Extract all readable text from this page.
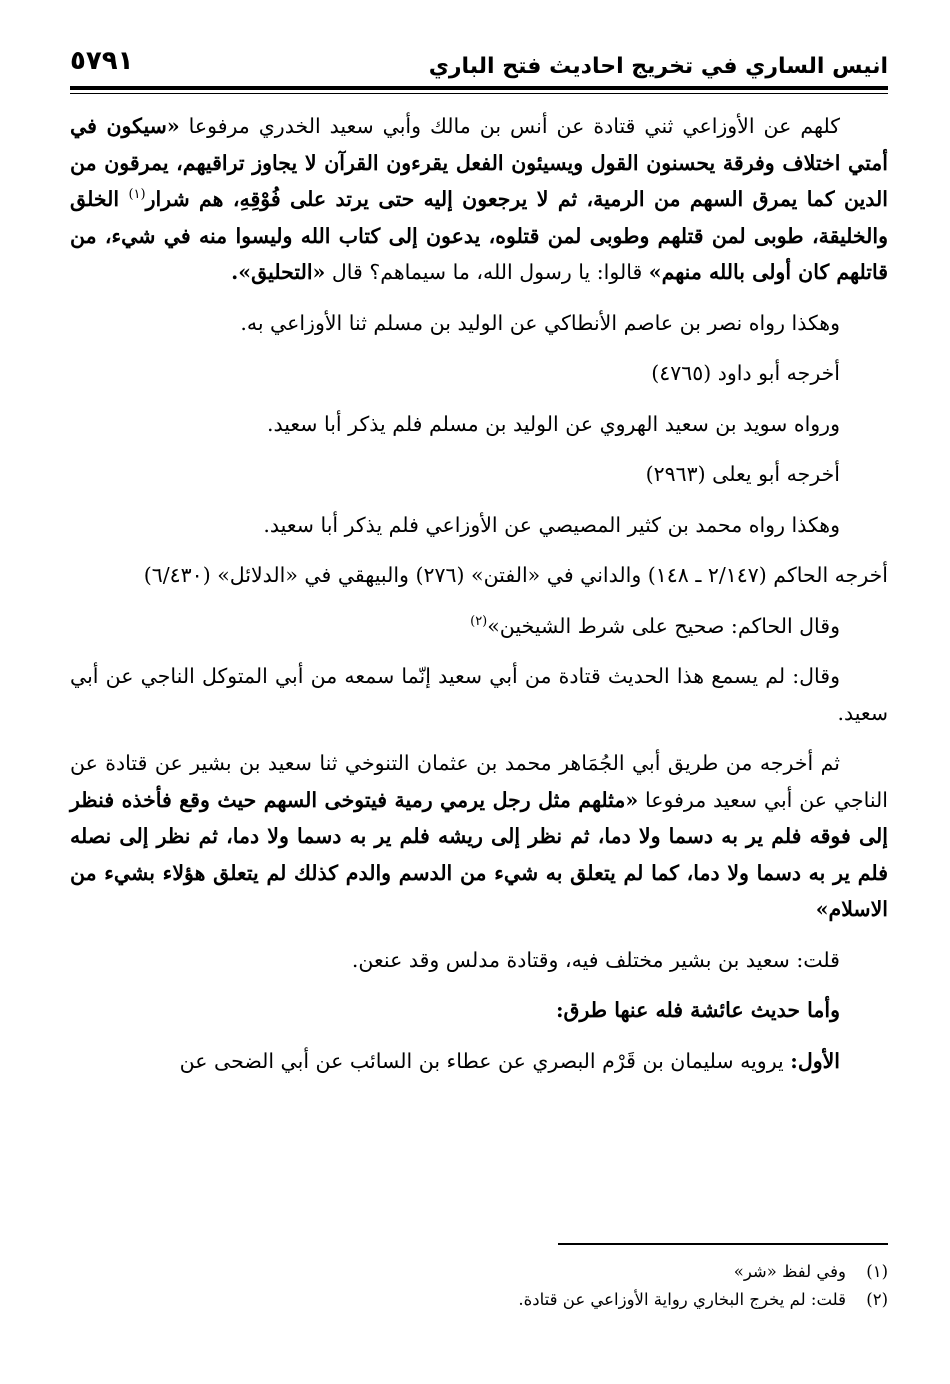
انيس الساري في تخريج احاديث فتح الباري
٥٧٩١

كلهم عن الأوزاعي ثني قتادة عن أنس بن مالك وأبي سعيد الخدري مرفوعا «سيكون في أمتي اختلاف وفرقة يحسنون القول ويسيئون الفعل يقرءون القرآن لا يجاوز تراقيهم، يمرقون من الدين كما يمرق السهم من الرمية، ثم لا يرجعون إليه حتى يرتد على فُوْقِهِ، هم شرار$^{(١)}$ الخلق والخليقة، طوبى لمن قتلهم وطوبى لمن قتلوه، يدعون إلى كتاب الله وليسوا منه في شيء، من قاتلهم كان أولى بالله منهم» قالوا: يا رسول الله، ما سيماهم؟ قال «التحليق».

وهكذا رواه نصر بن عاصم الأنطاكي عن الوليد بن مسلم ثنا الأوزاعي به.

أخرجه أبو داود (٤٧٦٥)

ورواه سويد بن سعيد الهروي عن الوليد بن مسلم فلم يذكر أبا سعيد.

أخرجه أبو يعلى (٢٩٦٣)

وهكذا رواه محمد بن كثير المصيصي عن الأوزاعي فلم يذكر أبا سعيد.

أخرجه الحاكم (٢/١٤٧ ـ ١٤٨) والداني في «الفتن» (٢٧٦) والبيهقي في «الدلائل» (٦/٤٣٠)

وقال الحاكم: صحيح على شرط الشيخين»$^{(٢)}$

وقال: لم يسمع هذا الحديث قتادة من أبي سعيد إنّما سمعه من أبي المتوكل الناجي عن أبي سعيد.

ثم أخرجه من طريق أبي الجُمَاهر محمد بن عثمان التنوخي ثنا سعيد بن بشير عن قتادة عن الناجي عن أبي سعيد مرفوعا «مثلهم مثل رجل يرمي رمية فيتوخى السهم حيث وقع فأخذه فنظر إلى فوقه فلم ير به دسما ولا دما، ثم نظر إلى ريشه فلم ير به دسما ولا دما، ثم نظر إلى نصله فلم ير به دسما ولا دما، كما لم يتعلق به شيء من الدسم والدم كذلك لم يتعلق هؤلاء بشيء من الاسلام»

قلت: سعيد بن بشير مختلف فيه، وقتادة مدلس وقد عنعن.

وأما حديث عائشة فله عنها طرق:

الأول: يرويه سليمان بن قَرْم البصري عن عطاء بن السائب عن أبي الضحى عن

(١)وفي لفظ «شر»

(٢)قلت: لم يخرج البخاري رواية الأوزاعي عن قتادة.
